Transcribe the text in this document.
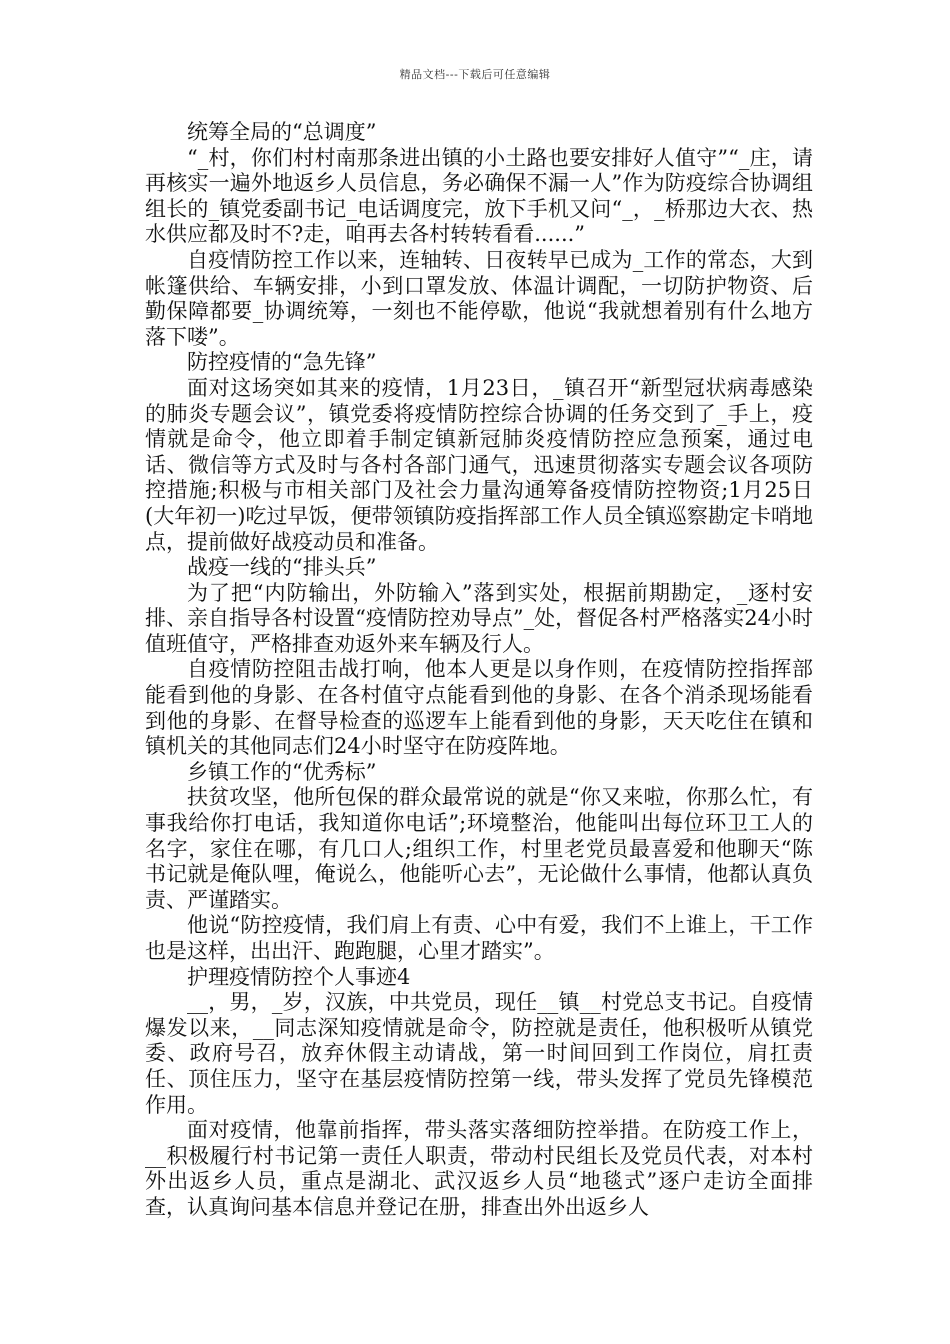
精品文档---下载后可任意编辑

统筹全局的“总调度”

“_村，你们村村南那条进出镇的小土路也要安排好人值守”“_庄，请再核实一遍外地返乡人员信息，务必确保不漏一人”作为防疫综合协调组组长的_镇党委副书记_电话调度完，放下手机又问“_，_桥那边大衣、热水供应都及时不?走，咱再去各村转转看看......”

自疫情防控工作以来，连轴转、日夜转早已成为_工作的常态，大到帐篷供给、车辆安排，小到口罩发放、体温计调配，一切防护物资、后勤保障都要_协调统筹，一刻也不能停歇，他说“我就想着别有什么地方落下喽”。

防控疫情的“急先锋”

面对这场突如其来的疫情，1月23日，_镇召开“新型冠状病毒感染的肺炎专题会议”，镇党委将疫情防控综合协调的任务交到了_手上，疫情就是命令，他立即着手制定镇新冠肺炎疫情防控应急预案，通过电话、微信等方式及时与各村各部门通气，迅速贯彻落实专题会议各项防控措施;积极与市相关部门及社会力量沟通筹备疫情防控物资;1月25日(大年初一)吃过早饭，便带领镇防疫指挥部工作人员全镇巡察勘定卡哨地点，提前做好战疫动员和准备。

战疫一线的“排头兵”

为了把“内防输出，外防输入”落到实处，根据前期勘定，_逐村安排、亲自指导各村设置“疫情防控劝导点”_处，督促各村严格落实24小时值班值守，严格排查劝返外来车辆及行人。

自疫情防控阻击战打响，他本人更是以身作则，在疫情防控指挥部能看到他的身影、在各村值守点能看到他的身影、在各个消杀现场能看到他的身影、在督导检查的巡逻车上能看到他的身影，天天吃住在镇和镇机关的其他同志们24小时坚守在防疫阵地。

乡镇工作的“优秀标”

扶贫攻坚，他所包保的群众最常说的就是“你又来啦，你那么忙，有事我给你打电话，我知道你电话”;环境整治，他能叫出每位环卫工人的名字，家住在哪，有几口人;组织工作，村里老党员最喜爱和他聊天“陈书记就是俺队哩，俺说么，他能听心去”，无论做什么事情，他都认真负责、严谨踏实。

他说“防控疫情，我们肩上有责、心中有爱，我们不上谁上，干工作也是这样，出出汗、跑跑腿，心里才踏实”。

护理疫情防控个人事迹4

__，男，_岁，汉族，中共党员，现任__镇__村党总支书记。自疫情爆发以来，__同志深知疫情就是命令，防控就是责任，他积极听从镇党委、政府号召，放弃休假主动请战，第一时间回到工作岗位，肩扛责任、顶住压力，坚守在基层疫情防控第一线，带头发挥了党员先锋模范作用。

面对疫情，他靠前指挥，带头落实落细防控举措。在防疫工作上，__积极履行村书记第一责任人职责，带动村民组长及党员代表，对本村外出返乡人员，重点是湖北、武汉返乡人员“地毯式”逐户走访全面排查，认真询问基本信息并登记在册，排查出外出返乡人
